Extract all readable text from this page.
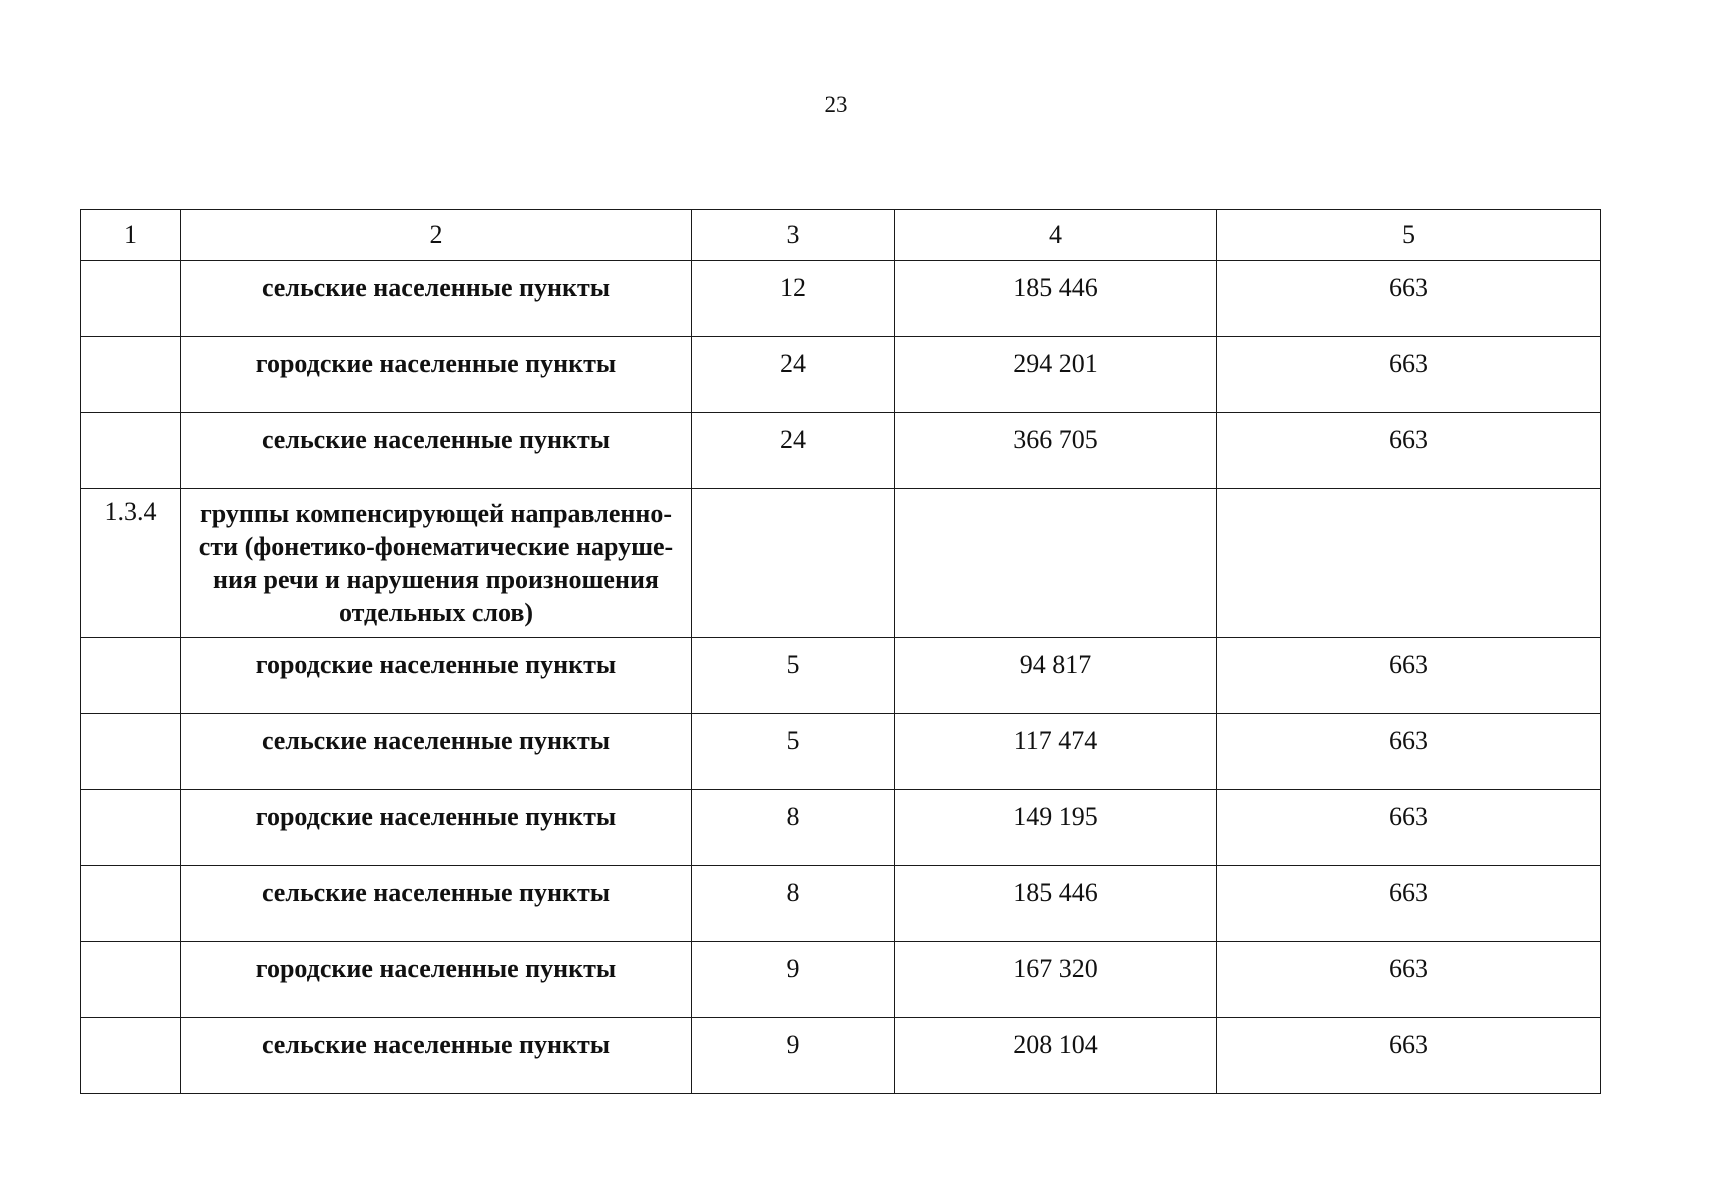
23
1	2	3	4	5
	сельские населенные пункты	12	185 446	663
	городские населенные пункты	24	294 201	663
	сельские населенные пункты	24	366 705	663
1.3.4	группы компенсирующей направленно-сти (фонетико-фонематические наруше-ния речи и нарушения произношения отдельных слов)			
	городские населенные пункты	5	94 817	663
	сельские населенные пункты	5	117 474	663
	городские населенные пункты	8	149 195	663
	сельские населенные пункты	8	185 446	663
	городские населенные пункты	9	167 320	663
	сельские населенные пункты	9	208 104	663
